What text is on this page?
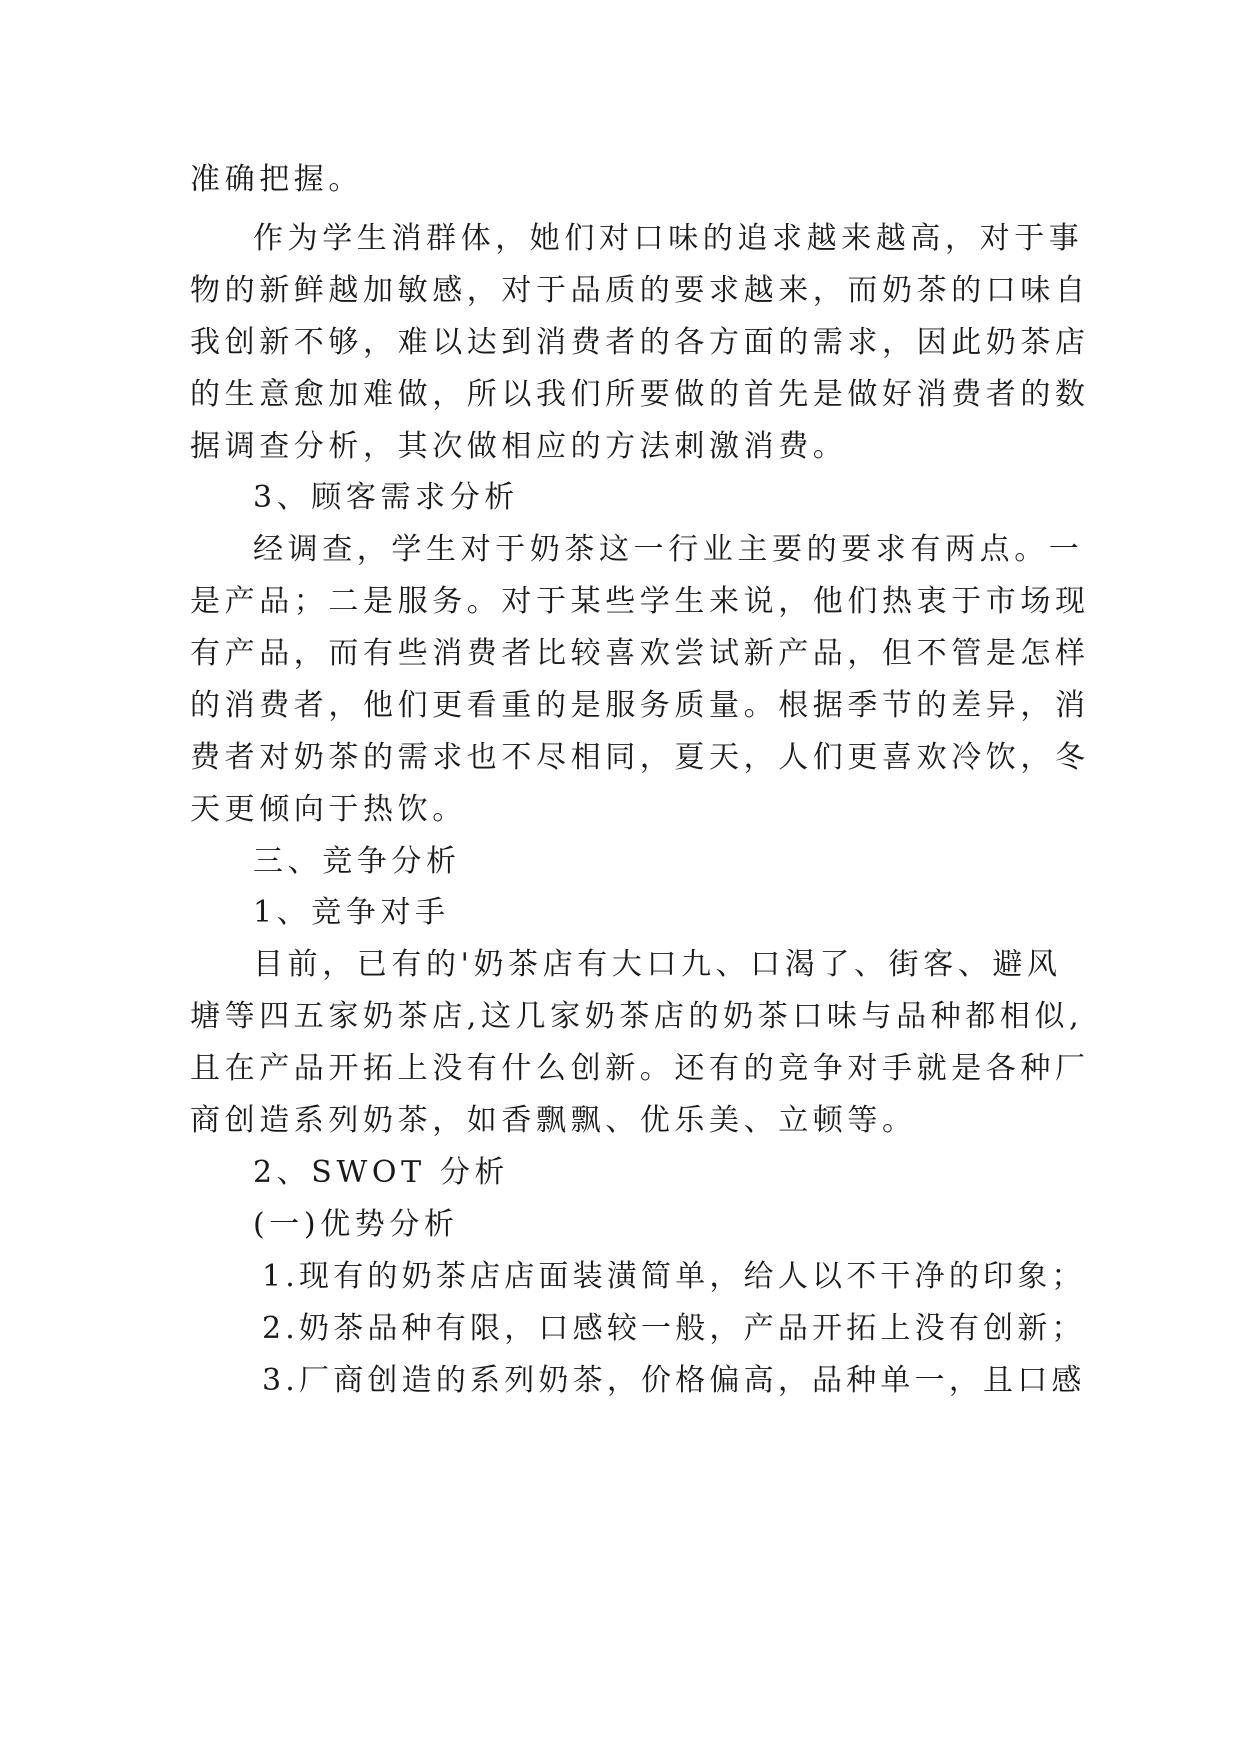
准确把握。
作为学生消群体，她们对口味的追求越来越高，对于事
物的新鲜越加敏感，对于品质的要求越来，而奶茶的口味自
我创新不够，难以达到消费者的各方面的需求，因此奶茶店
的生意愈加难做，所以我们所要做的首先是做好消费者的数
据调查分析，其次做相应的方法刺激消费。
3、顾客需求分析
经调查，学生对于奶茶这一行业主要的要求有两点。一
是产品；二是服务。对于某些学生来说，他们热衷于市场现
有产品，而有些消费者比较喜欢尝试新产品，但不管是怎样
的消费者，他们更看重的是服务质量。根据季节的差异，消
费者对奶茶的需求也不尽相同，夏天，人们更喜欢冷饮，冬
天更倾向于热饮。
三、竞争分析
1、竞争对手
目前，已有的'奶茶店有大口九、口渴了、街客、避风
塘等四五家奶茶店,这几家奶茶店的奶茶口味与品种都相似,
且在产品开拓上没有什么创新。还有的竞争对手就是各种厂
商创造系列奶茶，如香飘飘、优乐美、立顿等。
2、SWOT 分析
(一)优势分析
1.现有的奶茶店店面装潢简单，给人以不干净的印象；
2.奶茶品种有限，口感较一般，产品开拓上没有创新；
3.厂商创造的系列奶茶，价格偏高，品种单一，且口感
